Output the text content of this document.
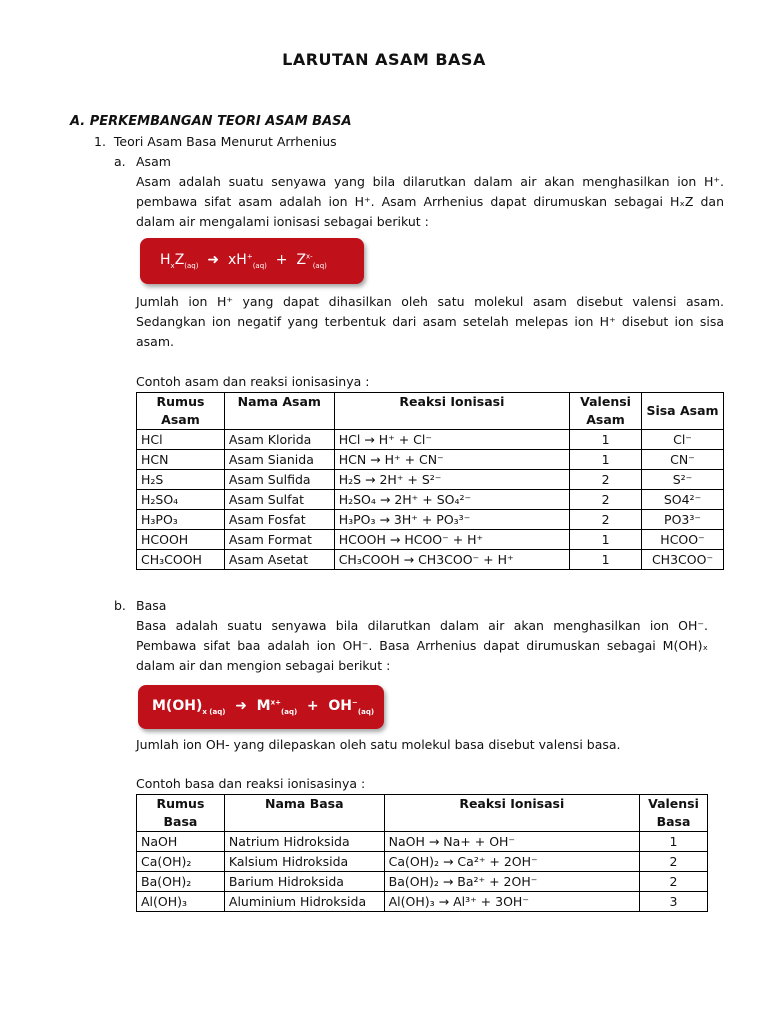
LARUTAN ASAM BASA
A. PERKEMBANGAN TEORI ASAM BASA
1.  Teori Asam Basa Menurut Arrhenius
a. Asam
Asam adalah suatu senyawa yang bila dilarutkan dalam air akan menghasilkan ion H⁺. pembawa sifat asam adalah ion H⁺. Asam Arrhenius dapat dirumuskan sebagai HₓZ dan dalam air mengalami ionisasi sebagai berikut :
$H_xZ_{(aq)}$  ➜  $xH^+_{(aq)} + Z^{x-}_{(aq)}$
Jumlah ion H⁺ yang dapat dihasilkan oleh satu molekul asam disebut valensi asam. Sedangkan ion negatif yang terbentuk dari asam setelah melepas ion H⁺ disebut ion sisa asam.
Contoh asam dan reaksi ionisasinya :
Rumus Asam	Nama Asam	Reaksi Ionisasi	Valensi Asam	Sisa Asam
HCl	Asam Klorida	HCl → H⁺ + Cl⁻	1	Cl⁻
HCN	Asam Sianida	HCN → H⁺ + CN⁻	1	CN⁻
H₂S	Asam Sulfida	H₂S → 2H⁺ + S²⁻	2	S²⁻
H₂SO₄	Asam Sulfat	H₂SO₄ → 2H⁺ + SO₄²⁻	2	SO4²⁻
H₃PO₃	Asam Fosfat	H₃PO₃ → 3H⁺ + PO₃³⁻	2	PO3³⁻
HCOOH	Asam Format	HCOOH → HCOO⁻ + H⁺	1	HCOO⁻
CH₃COOH	Asam Asetat	CH₃COOH → CH3COO⁻ + H⁺	1	CH3COO⁻
b. Basa
Basa adalah suatu senyawa bila dilarutkan dalam air akan menghasilkan ion OH⁻. Pembawa sifat baa adalah ion OH⁻. Basa Arrhenius dapat dirumuskan sebagai M(OH)ₓ dalam air dan mengion sebagai berikut :
$M(OH)_{x (aq)}$  ➜  $M^{x+}_{(aq)} + OH^-_{(aq)}$
Jumlah ion OH- yang dilepaskan oleh satu molekul basa disebut valensi basa.
Contoh basa dan reaksi ionisasinya :
Rumus Basa	Nama Basa	Reaksi Ionisasi	Valensi Basa
NaOH	Natrium Hidroksida	NaOH → Na+ + OH⁻	1
Ca(OH)₂	Kalsium Hidroksida	Ca(OH)₂ → Ca²⁺ + 2OH⁻	2
Ba(OH)₂	Barium Hidroksida	Ba(OH)₂ → Ba²⁺ + 2OH⁻	2
Al(OH)₃	Aluminium Hidroksida	Al(OH)₃ → Al³⁺ + 3OH⁻	3
